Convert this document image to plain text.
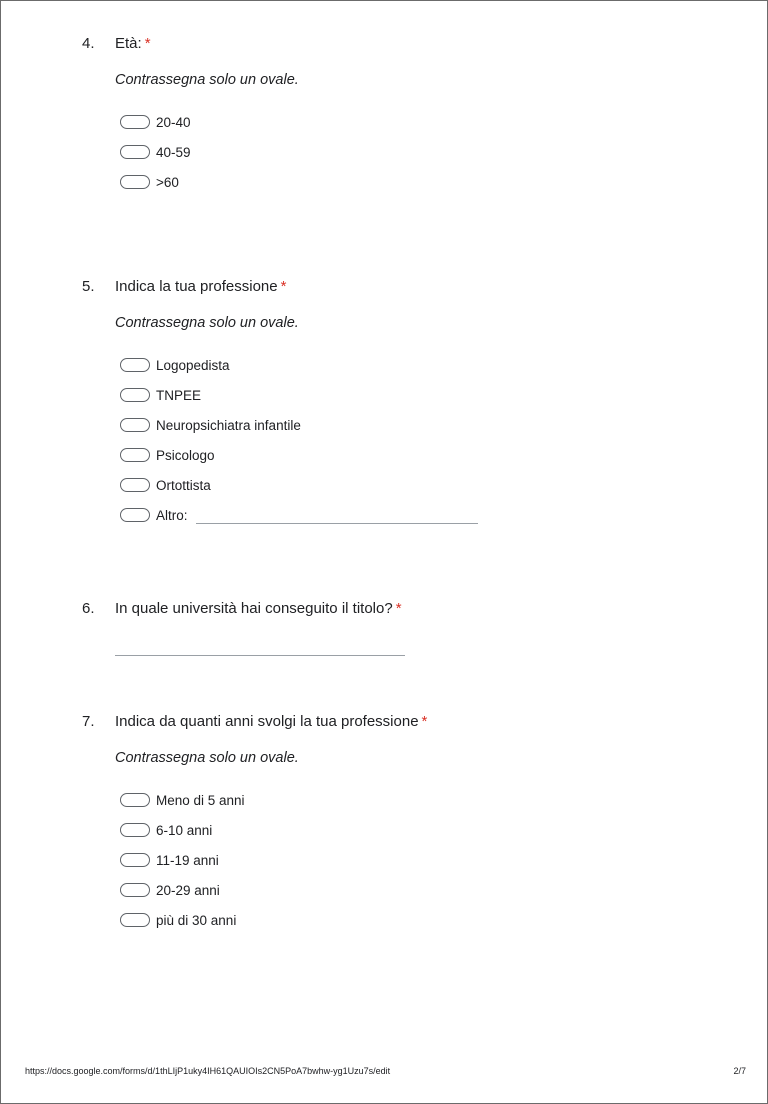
4.	Età: *
Contrassegna solo un ovale.
20-40
40-59
>60
5.	Indica la tua professione *
Contrassegna solo un ovale.
Logopedista
TNPEE
Neuropsichiatra infantile
Psicologo
Ortottista
Altro:
6.	In quale università hai conseguito il titolo? *
7.	Indica da quanti anni svolgi la tua professione *
Contrassegna solo un ovale.
Meno di 5 anni
6-10 anni
11-19 anni
20-29 anni
più di 30 anni
https://docs.google.com/forms/d/1thLIjP1uky4IH61QAUIOIs2CN5PoA7bwhw-yg1Uzu7s/edit	2/7
